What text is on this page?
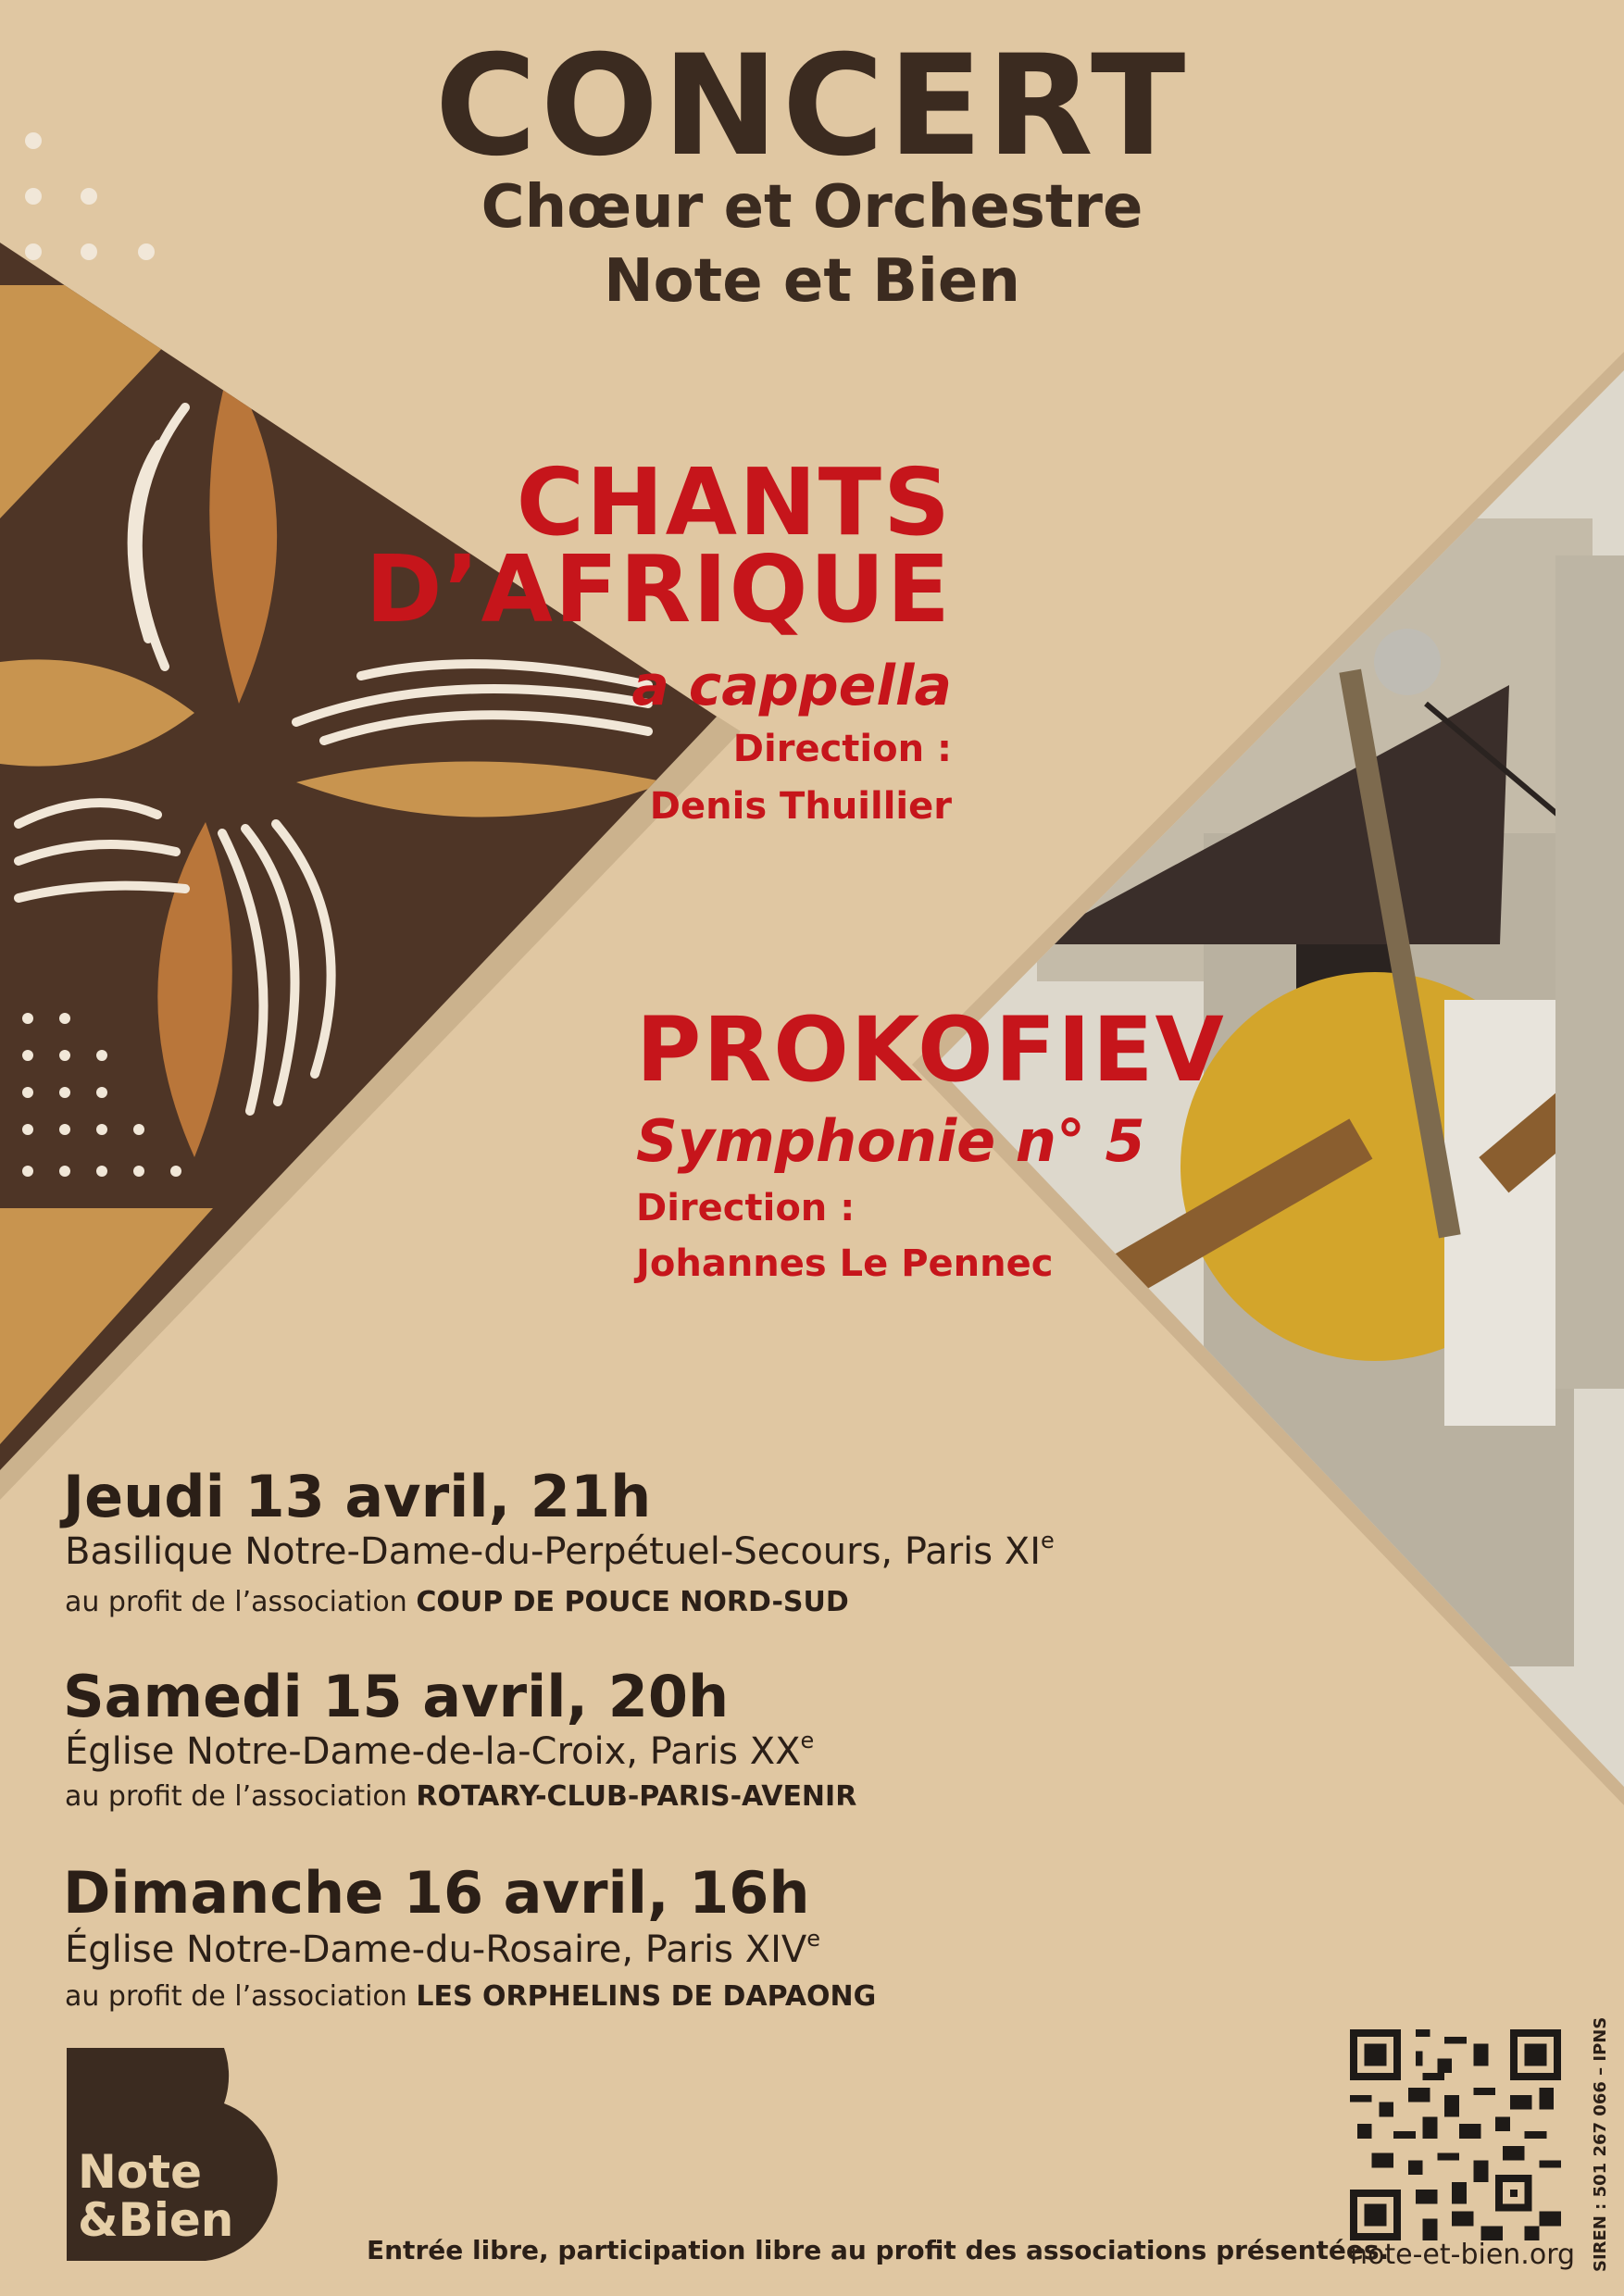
CONCERT
Chœur et Orchestre
Note et Bien
CHANTS
D’AFRIQUE
a cappella
Direction :
Denis Thuillier
PROKOFIEV
Symphonie n° 5
Direction :
Johannes Le Pennec
Jeudi 13 avril, 21h
Basilique Notre-Dame-du-Perpétuel-Secours, Paris XIe
au profit de l’association COUP DE POUCE NORD-SUD
Samedi 15 avril, 20h
Église Notre-Dame-de-la-Croix, Paris XXe
au profit de l’association ROTARY-CLUB-PARIS-AVENIR
Dimanche 16 avril, 16h
Église Notre-Dame-du-Rosaire, Paris XIVe
au profit de l’association LES ORPHELINS DE DAPAONG
Note
&Bien
Entrée libre, participation libre au profit des associations présentées.
note-et-bien.org SIREN : 501 267 066 – IPNS
